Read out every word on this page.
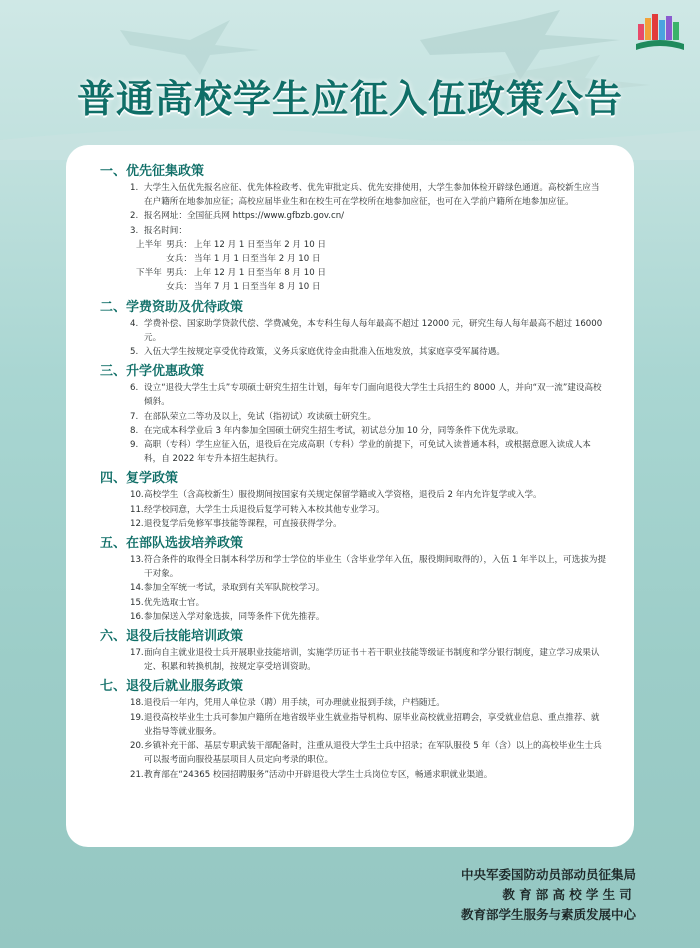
普通高校学生应征入伍政策公告
一、优先征集政策
1. 大学生入伍优先报名应征、优先体检政考、优先审批定兵、优先安排使用，大学生参加体检开辟绿色通道。高校新生应当在户籍所在地参加应征；高校应届毕业生和在校生可在学校所在地参加应征，也可在入学前户籍所在地参加应征。
2. 报名网址：全国征兵网 https://www.gfbzb.gov.cn/
3. 报名时间：
上半年 男兵： 上年 12 月 1 日至当年 2 月 10 日
女兵： 当年 1 月 1 日至当年 2 月 10 日
下半年 男兵： 上年 12 月 1 日至当年 8 月 10 日
女兵： 当年 7 月 1 日至当年 8 月 10 日
二、学费资助及优待政策
4. 学费补偿、国家助学贷款代偿、学费减免，本专科生每人每年最高不超过 12000 元，研究生每人每年最高不超过 16000 元。
5. 入伍大学生按规定享受优待政策，义务兵家庭优待金由批准入伍地发放，其家庭享受军属待遇。
三、升学优惠政策
6. 设立“退役大学生士兵”专项硕士研究生招生计划，每年专门面向退役大学生士兵招生约 8000 人，并向“双一流”建设高校倾斜。
7. 在部队荣立二等功及以上，免试（指初试）攻读硕士研究生。
8. 在完成本科学业后 3 年内参加全国硕士研究生招生考试，初试总分加 10 分，同等条件下优先录取。
9. 高职（专科）学生应征入伍，退役后在完成高职（专科）学业的前提下，可免试入读普通本科，或根据意愿入读成人本科，自 2022 年专升本招生起执行。
四、复学政策
10.高校学生（含高校新生）服役期间按国家有关规定保留学籍或入学资格，退役后 2 年内允许复学或入学。
11.经学校同意，大学生士兵退役后复学可转入本校其他专业学习。
12.退役复学后免修军事技能等课程，可直接获得学分。
五、在部队选拔培养政策
13.符合条件的取得全日制本科学历和学士学位的毕业生（含毕业学年入伍，服役期间取得的），入伍 1 年半以上，可选拔为提干对象。
14.参加全军统一考试，录取到有关军队院校学习。
15.优先选取士官。
16.参加保送入学对象选拔，同等条件下优先推荐。
六、退役后技能培训政策
17.面向自主就业退役士兵开展职业技能培训，实施学历证书＋若干职业技能等级证书制度和学分银行制度，建立学习成果认定、积累和转换机制，按规定享受培训资助。
七、退役后就业服务政策
18.退役后一年内，凭用人单位录（聘）用手续，可办理就业报到手续，户档随迁。
19.退役高校毕业生士兵可参加户籍所在地省级毕业生就业指导机构、原毕业高校就业招聘会，享受就业信息、重点推荐、就业指导等就业服务。
20.乡镇补充干部、基层专职武装干部配备时，注重从退役大学生士兵中招录；在军队服役 5 年（含）以上的高校毕业生士兵可以报考面向服役基层项目人员定向考录的职位。
21.教育部在“24365 校园招聘服务”活动中开辟退役大学生士兵岗位专区，畅通求职就业渠道。
中央军委国防动员部动员征集局
教育部高校学生司
教育部学生服务与素质发展中心
